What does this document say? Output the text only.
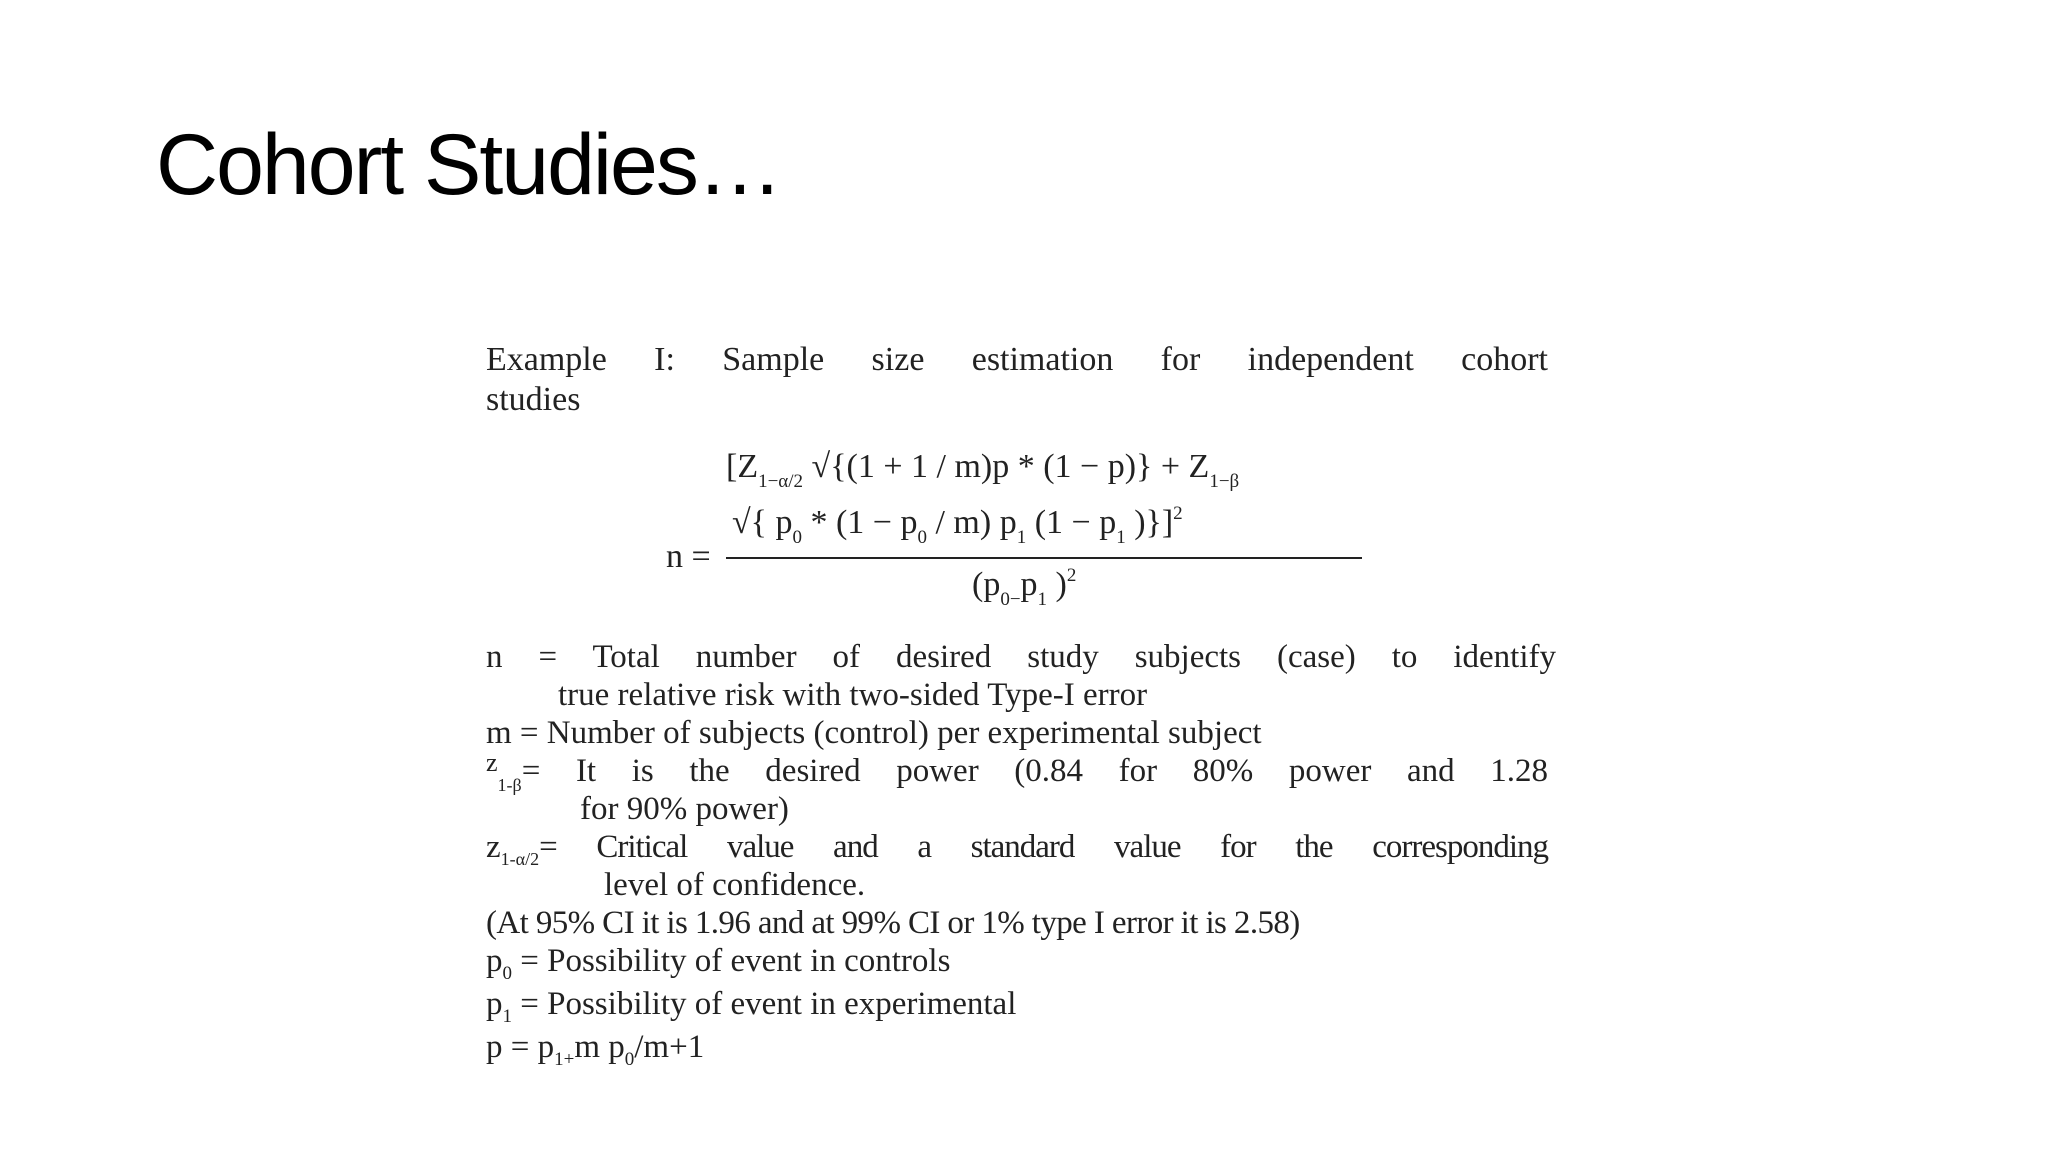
Cohort Studies…
Example I: Sample size estimation for independent cohort
studies
n =
[$Z_{1-\alpha/2}$ $√\{(1 + 1 / m)p * (1 - p)\} + Z_{1-\beta}$
√{ $p_0 * (1 - p_0 / m)$ $p_1$ ($1 - p_1$ )}]$^2$
($p_{0-}p_1$ )$^2$
n = Total number of desired study subjects (case) to identify
true relative risk with two-sided Type-I error
m = Number of subjects (control) per experimental subject
z
1-β = It is the desired power (0.84 for 80% power and 1.28
for 90% power)
z 1-α/2 = Critical value and a standard value for the corresponding
level of confidence.
(At 95% CI it is 1.96 and at 99% CI or 1% type I error it is 2.58)
$p_0$ = Possibility of event in controls
$p_1$ = Possibility of event in experimental
$p = p_{1+}m$ $p_0/m+1$
